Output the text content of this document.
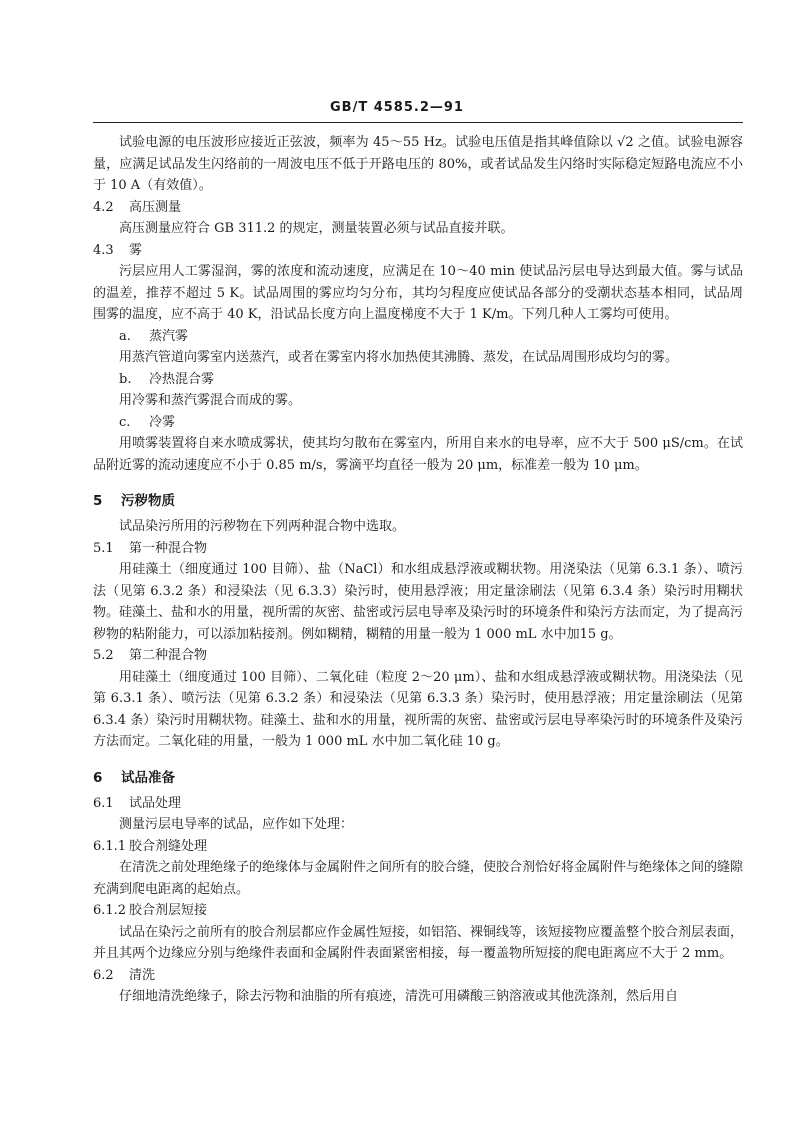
GB/T 4585.2—91
试验电源的电压波形应接近正弦波，频率为 45～55 Hz。试验电压值是指其峰值除以 √2 之值。试验电源容量，应满足试品发生闪络前的一周波电压不低于开路电压的 80%，或者试品发生闪络时实际稳定短路电流应不小于 10 A（有效值）。
4.2 高压测量
高压测量应符合 GB 311.2 的规定，测量装置必须与试品直接并联。
4.3 雾
污层应用人工雾湿润，雾的浓度和流动速度，应满足在 10～40 min 使试品污层电导达到最大值。雾与试品的温差，推荐不超过 5 K。试品周围的雾应均匀分布，其均匀程度应使试品各部分的受潮状态基本相同，试品周围雾的温度，应不高于 40 K，沿试品长度方向上温度梯度不大于 1 K/m。下列几种人工雾均可使用。
a. 蒸汽雾
用蒸汽管道向雾室内送蒸汽，或者在雾室内将水加热使其沸腾、蒸发，在试品周围形成均匀的雾。
b. 冷热混合雾
用冷雾和蒸汽雾混合而成的雾。
c. 冷雾
用喷雾装置将自来水喷成雾状，使其均匀散布在雾室内，所用自来水的电导率，应不大于 500 μS/cm。在试品附近雾的流动速度应不小于 0.85 m/s，雾滴平均直径一般为 20 μm，标准差一般为 10 μm。
5 污秽物质
试品染污所用的污秽物在下列两种混合物中选取。
5.1 第一种混合物
用硅藻土（细度通过 100 目筛）、盐（NaCl）和水组成悬浮液或糊状物。用浇染法（见第 6.3.1 条）、喷污法（见第 6.3.2 条）和浸染法（见 6.3.3）染污时，使用悬浮液；用定量涂刷法（见第 6.3.4 条）染污时用糊状物。硅藻土、盐和水的用量，视所需的灰密、盐密或污层电导率及染污时的环境条件和染污方法而定，为了提高污秽物的粘附能力，可以添加粘接剂。例如糊精，糊精的用量一般为 1 000 mL 水中加15 g。
5.2 第二种混合物
用硅藻土（细度通过 100 目筛）、二氧化硅（粒度 2～20 μm）、盐和水组成悬浮液或糊状物。用浇染法（见第 6.3.1 条）、喷污法（见第 6.3.2 条）和浸染法（见第 6.3.3 条）染污时，使用悬浮液；用定量涂刷法（见第 6.3.4 条）染污时用糊状物。硅藻土、盐和水的用量，视所需的灰密、盐密或污层电导率染污时的环境条件及染污方法而定。二氧化硅的用量，一般为 1 000 mL 水中加二氧化硅 10 g。
6 试品准备
6.1 试品处理
测量污层电导率的试品，应作如下处理：
6.1.1 胶合剂缝处理
在清洗之前处理绝缘子的绝缘体与金属附件之间所有的胶合缝，使胶合剂恰好将金属附件与绝缘体之间的缝隙充满到爬电距离的起始点。
6.1.2 胶合剂层短接
试品在染污之前所有的胶合剂层都应作金属性短接，如铝箔、裸铜线等，该短接物应覆盖整个胶合剂层表面，并且其两个边缘应分别与绝缘件表面和金属附件表面紧密相接，每一覆盖物所短接的爬电距离应不大于 2 mm。
6.2 清洗
仔细地清洗绝缘子，除去污物和油脂的所有痕迹，清洗可用磷酸三钠溶液或其他洗涤剂，然后用自
